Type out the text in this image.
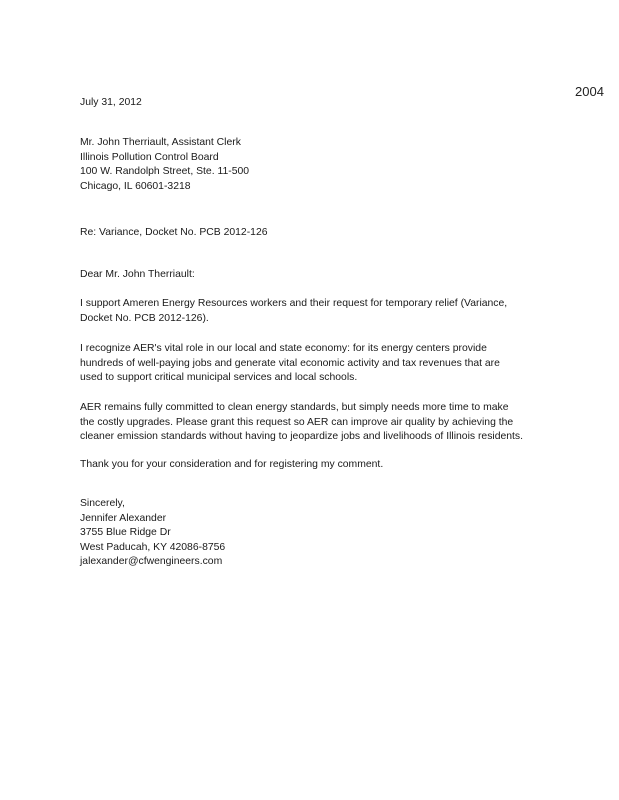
2004
July 31, 2012
Mr. John Therriault, Assistant Clerk
Illinois Pollution Control Board
100 W. Randolph Street, Ste. 11-500
Chicago, IL 60601-3218
Re: Variance, Docket No. PCB 2012-126
Dear Mr. John Therriault:
I support Ameren Energy Resources workers and their request for temporary relief (Variance,
Docket No. PCB 2012-126).
I recognize AER's vital role in our local and state economy: for its energy centers provide
hundreds of well-paying jobs and generate vital economic activity and tax revenues that are
used to support critical municipal services and local schools.
AER remains fully committed to clean energy standards, but simply needs more time to make
the costly upgrades. Please grant this request so AER can improve air quality by achieving the
cleaner emission standards without having to jeopardize jobs and livelihoods of Illinois residents.
Thank you for your consideration and for registering my comment.
Sincerely,
Jennifer Alexander
3755 Blue Ridge Dr
West Paducah, KY 42086-8756
jalexander@cfwengineers.com
